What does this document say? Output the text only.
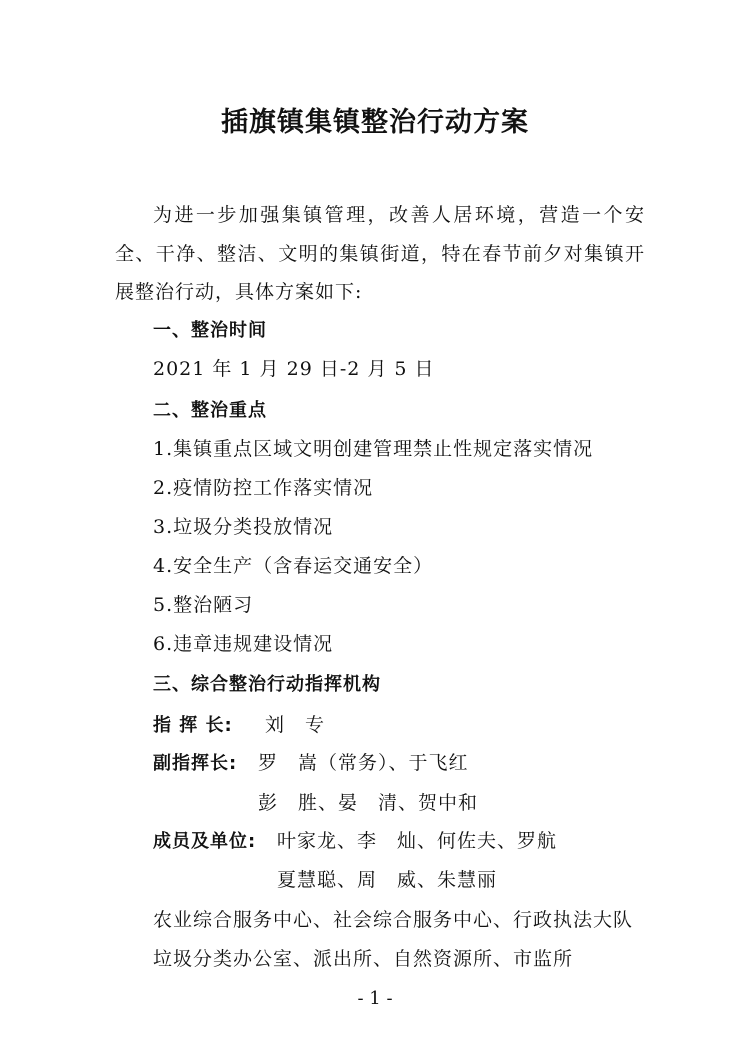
插旗镇集镇整治行动方案
为进一步加强集镇管理，改善人居环境，营造一个安全、干净、整洁、文明的集镇街道，特在春节前夕对集镇开展整治行动，具体方案如下:
一、整治时间
2021 年 1 月 29 日-2 月 5 日
二、整治重点
1.集镇重点区域文明创建管理禁止性规定落实情况
2.疫情防控工作落实情况
3.垃圾分类投放情况
4.安全生产（含春运交通安全）
5.整治陋习
6.违章违规建设情况
三、综合整治行动指挥机构
指 挥 长: 刘　专
副指挥长: 罗　嵩（常务）、于飞红
彭　胜、晏　清、贺中和
成员及单位: 叶家龙、李　灿、何佐夫、罗航
夏慧聪、周　威、朱慧丽
农业综合服务中心、社会综合服务中心、行政执法大队
垃圾分类办公室、派出所、自然资源所、市监所
- 1 -
